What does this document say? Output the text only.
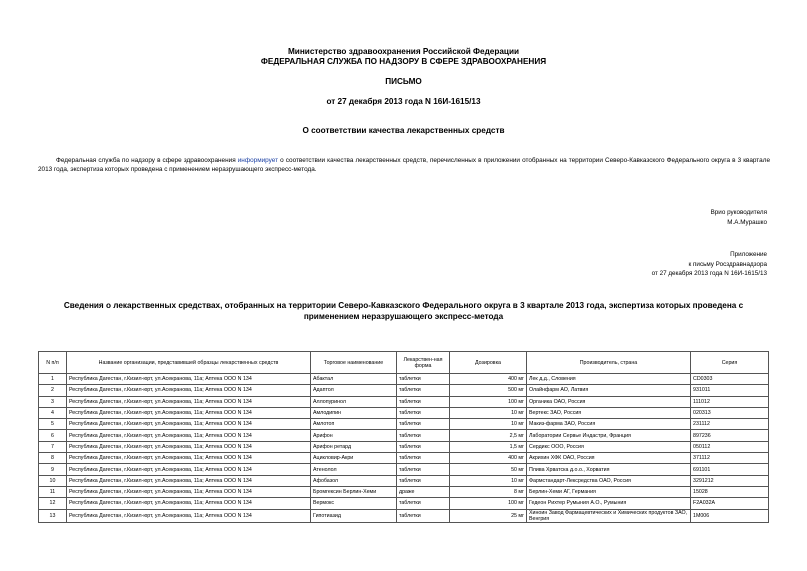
Министерство здравоохранения Российской Федерации
ФЕДЕРАЛЬНАЯ СЛУЖБА ПО НАДЗОРУ В СФЕРЕ ЗДРАВООХРАНЕНИЯ
ПИСЬМО
от 27 декабря 2013 года N 16И-1615/13
О соответствии качества лекарственных средств
Федеральная служба по надзору в сфере здравоохранения информирует о соответствии качества лекарственных средств, перечисленных в приложении отобранных на территории Северо-Кавказского Федерального округа в 3 квартале 2013 года, экспертиза которых проведена с применением неразрушающего экспресс-метода.
Врио руководителя
М.А.Мурашко
Приложение
к письму Росздравнадзора
от 27 декабря 2013 года N 16И-1615/13
Сведения о лекарственных средствах, отобранных на территории Северо-Кавказского Федерального округа в 3 квартале 2013 года, экспертиза которых проведена с применением неразрушающего экспресс-метода
N п/п	Название организации, представившей образцы лекарственных средств	Торговое наименование	Лекарствен-ная форма	Дозировка	Производитель, страна	Серия
1	Республика Дагестан, г.Кизил-юрт, ул.Асекранова, 11а; Аптека ООО N 134	Абактал	таблетки	400 мг	Лек д.д., Словения	CD0303
2	Республика Дагестан, г.Кизил-юрт, ул.Асекранова, 11а; Аптека ООО N 134	Адаптол	таблетки	500 мг	Олайнфарм АО, Латвия	931011
3	Республика Дагестан, г.Кизил-юрт, ул.Асекранова, 11а; Аптека ООО N 134	Аллопуринол	таблетки	100 мг	Органика ОАО, Россия	111012
4	Республика Дагестан, г.Кизил-юрт, ул.Асекранова, 11а; Аптека ООО N 134	Амлодипин	таблетки	10 мг	Вертекс ЗАО, Россия	020313
5	Республика Дагестан, г.Кизил-юрт, ул.Асекранова, 11а; Аптека ООО N 134	Амлотоп	таблетки	10 мг	Макиз-фарма ЗАО, Россия	231112
6	Республика Дагестан, г.Кизил-юрт, ул.Асекранова, 11а; Аптека ООО N 134	Арифон	таблетки	2,5 мг	Лаборатории Сервье Индастри, Франция	897236
7	Республика Дагестан, г.Кизил-юрт, ул.Асекранова, 11а; Аптека ООО N 134	Арифон ретард	таблетки	1,5 мг	Сердикс ООО, Россия	050112
8	Республика Дагестан, г.Кизил-юрт, ул.Асекранова, 11а; Аптека ООО N 134	Ацикловир-Акри	таблетки	400 мг	Акрихин ХФК ОАО, Россия	371112
9	Республика Дагестан, г.Кизил-юрт, ул.Асекранова, 11а; Аптека ООО N 134	Атенолол	таблетки	50 мг	Плива Хрватска д.о.о., Хорватия	691101
10	Республика Дагестан, г.Кизил-юрт, ул.Асекранова, 11а; Аптека ООО N 134	Афобазол	таблетки	10 мг	Фармстандарт-Лексредства ОАО, Россия	3291212
11	Республика Дагестан, г.Кизил-юрт, ул.Асекранова, 11а; Аптека ООО N 134	Бромгексин Берлин-Хеми	драже	8 мг	Берлин-Хеми АГ, Германия	15028
12	Республика Дагестан, г.Кизил-юрт, ул.Асекранова, 11а; Аптека ООО N 134	Вермокс	таблетки	100 мг	Гедеон Рихтер Румыния А.О., Румыния	F2A032A
13	Республика Дагестан, г.Кизил-юрт, ул.Асекранова, 11а; Аптека ООО N 134	Гипотиазид	таблетки	25 мг	Хиноин Завод Фармацевтических и Химических продуктов ЗАО, Венгрия	1M006
